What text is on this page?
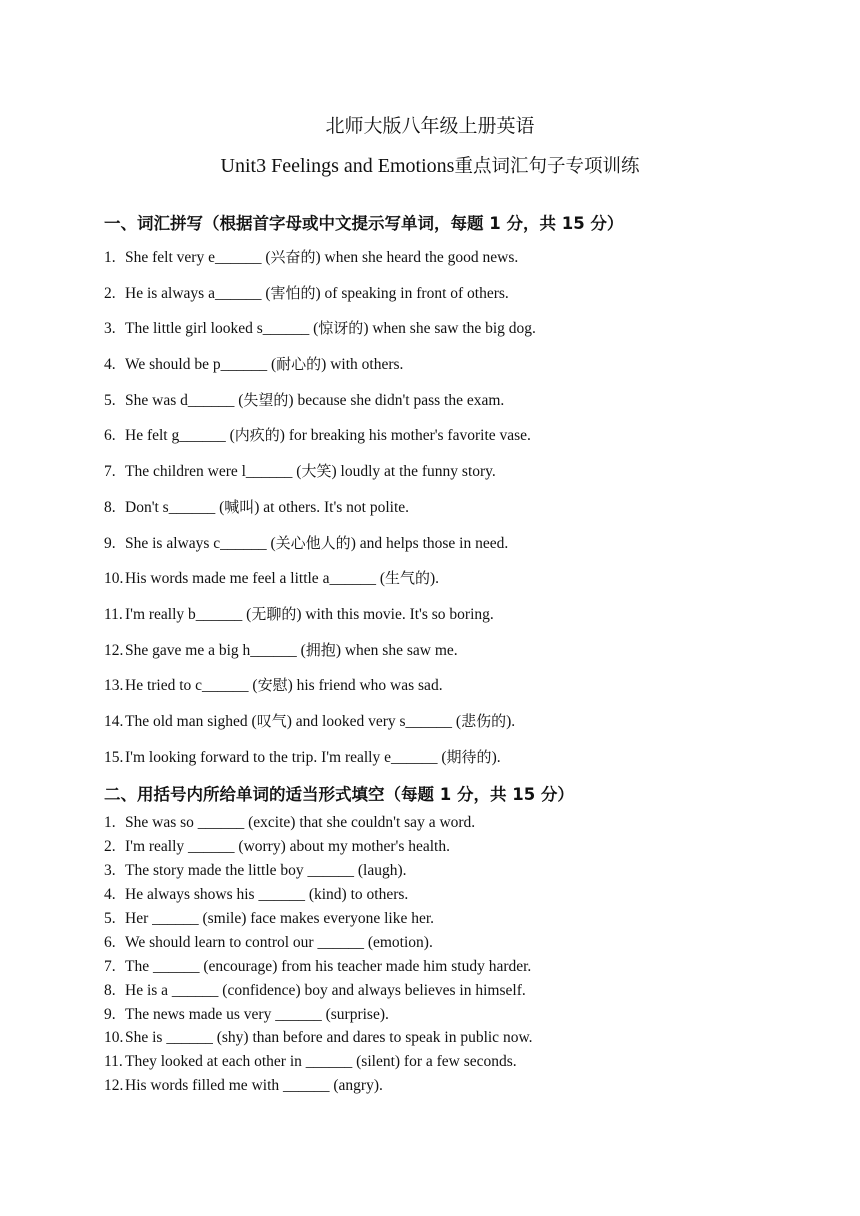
北师大版八年级上册英语
Unit3 Feelings and Emotions重点词汇句子专项训练
一、词汇拼写（根据首字母或中文提示写单词，每题 1 分，共 15 分）
1. She felt very e______ (兴奋的) when she heard the good news.
2. He is always a______ (害怕的) of speaking in front of others.
3. The little girl looked s______ (惊讶的) when she saw the big dog.
4. We should be p______ (耐心的) with others.
5. She was d______ (失望的) because she didn't pass the exam.
6. He felt g______ (内疚的) for breaking his mother's favorite vase.
7. The children were l______ (大笑) loudly at the funny story.
8. Don't s______ (喊叫) at others. It's not polite.
9. She is always c______ (关心他人的) and helps those in need.
10. His words made me feel a little a______ (生气的).
11. I'm really b______ (无聊的) with this movie. It's so boring.
12. She gave me a big h______ (拥抱) when she saw me.
13. He tried to c______ (安慰) his friend who was sad.
14. The old man sighed (叹气) and looked very s______ (悲伤的).
15. I'm looking forward to the trip. I'm really e______ (期待的).
二、用括号内所给单词的适当形式填空（每题 1 分，共 15 分）
1. She was so ______ (excite) that she couldn't say a word.
2. I'm really ______ (worry) about my mother's health.
3. The story made the little boy ______ (laugh).
4. He always shows his ______ (kind) to others.
5. Her ______ (smile) face makes everyone like her.
6. We should learn to control our ______ (emotion).
7. The ______ (encourage) from his teacher made him study harder.
8. He is a ______ (confidence) boy and always believes in himself.
9. The news made us very ______ (surprise).
10. She is ______ (shy) than before and dares to speak in public now.
11. They looked at each other in ______ (silent) for a few seconds.
12. His words filled me with ______ (angry).
